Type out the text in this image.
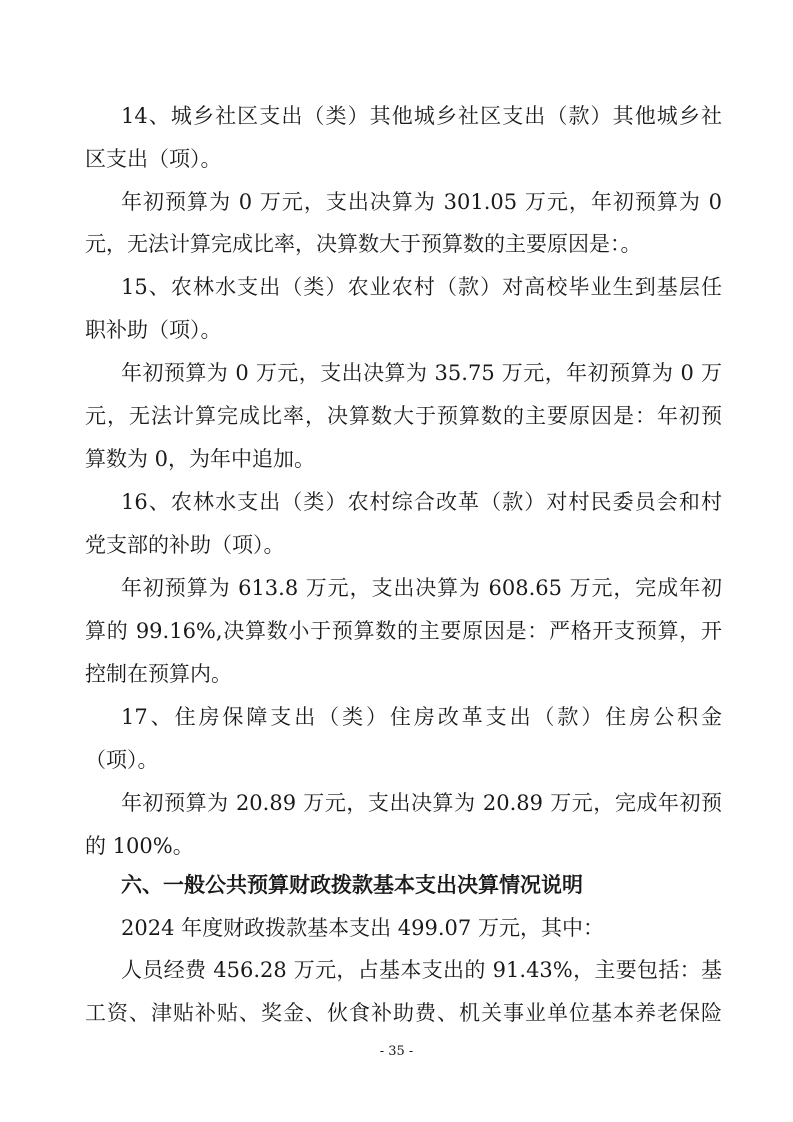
14、城乡社区支出（类）其他城乡社区支出（款）其他城乡社
区支出（项）。
年初预算为 0 万元，支出决算为 301.05 万元，年初预算为 0
元，无法计算完成比率，决算数大于预算数的主要原因是：。
15、农林水支出（类）农业农村（款）对高校毕业生到基层任
职补助（项）。
年初预算为 0 万元，支出决算为 35.75 万元，年初预算为 0 万
元，无法计算完成比率，决算数大于预算数的主要原因是：年初预
算数为 0，为年中追加。
16、农林水支出（类）农村综合改革（款）对村民委员会和村
党支部的补助（项）。
年初预算为 613.8 万元，支出决算为 608.65 万元，完成年初
算的 99.16%,决算数小于预算数的主要原因是：严格开支预算，开
控制在预算内。
17、住房保障支出（类）住房改革支出（款）住房公积金
（项）。
年初预算为 20.89 万元，支出决算为 20.89 万元，完成年初预
的 100%。
六、一般公共预算财政拨款基本支出决算情况说明
2024 年度财政拨款基本支出 499.07 万元，其中：
人员经费 456.28 万元，占基本支出的 91.43%，主要包括：基
工资、津贴补贴、奖金、伙食补助费、机关事业单位基本养老保险
- 35 -
